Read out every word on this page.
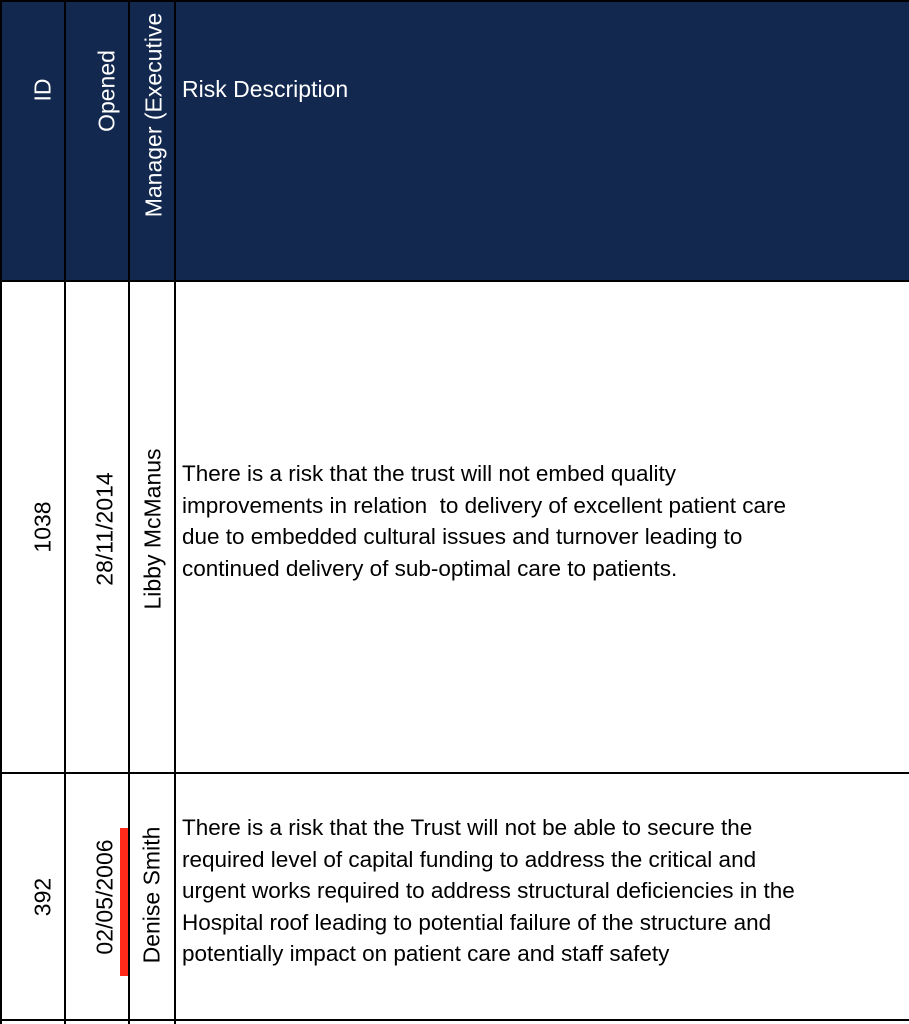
ID Opened Manager (Executive Risk Description
1038 28/11/2014 Libby McManus There is a risk that the trust will not embed quality
improvements in relation  to delivery of excellent patient care
due to embedded cultural issues and turnover leading to
continued delivery of sub-optimal care to patients.
392 02/05/2006 Denise Smith There is a risk that the Trust will not be able to secure the
required level of capital funding to address the critical and
urgent works required to address structural deficiencies in the
Hospital roof leading to potential failure of the structure and
potentially impact on patient care and staff safety
